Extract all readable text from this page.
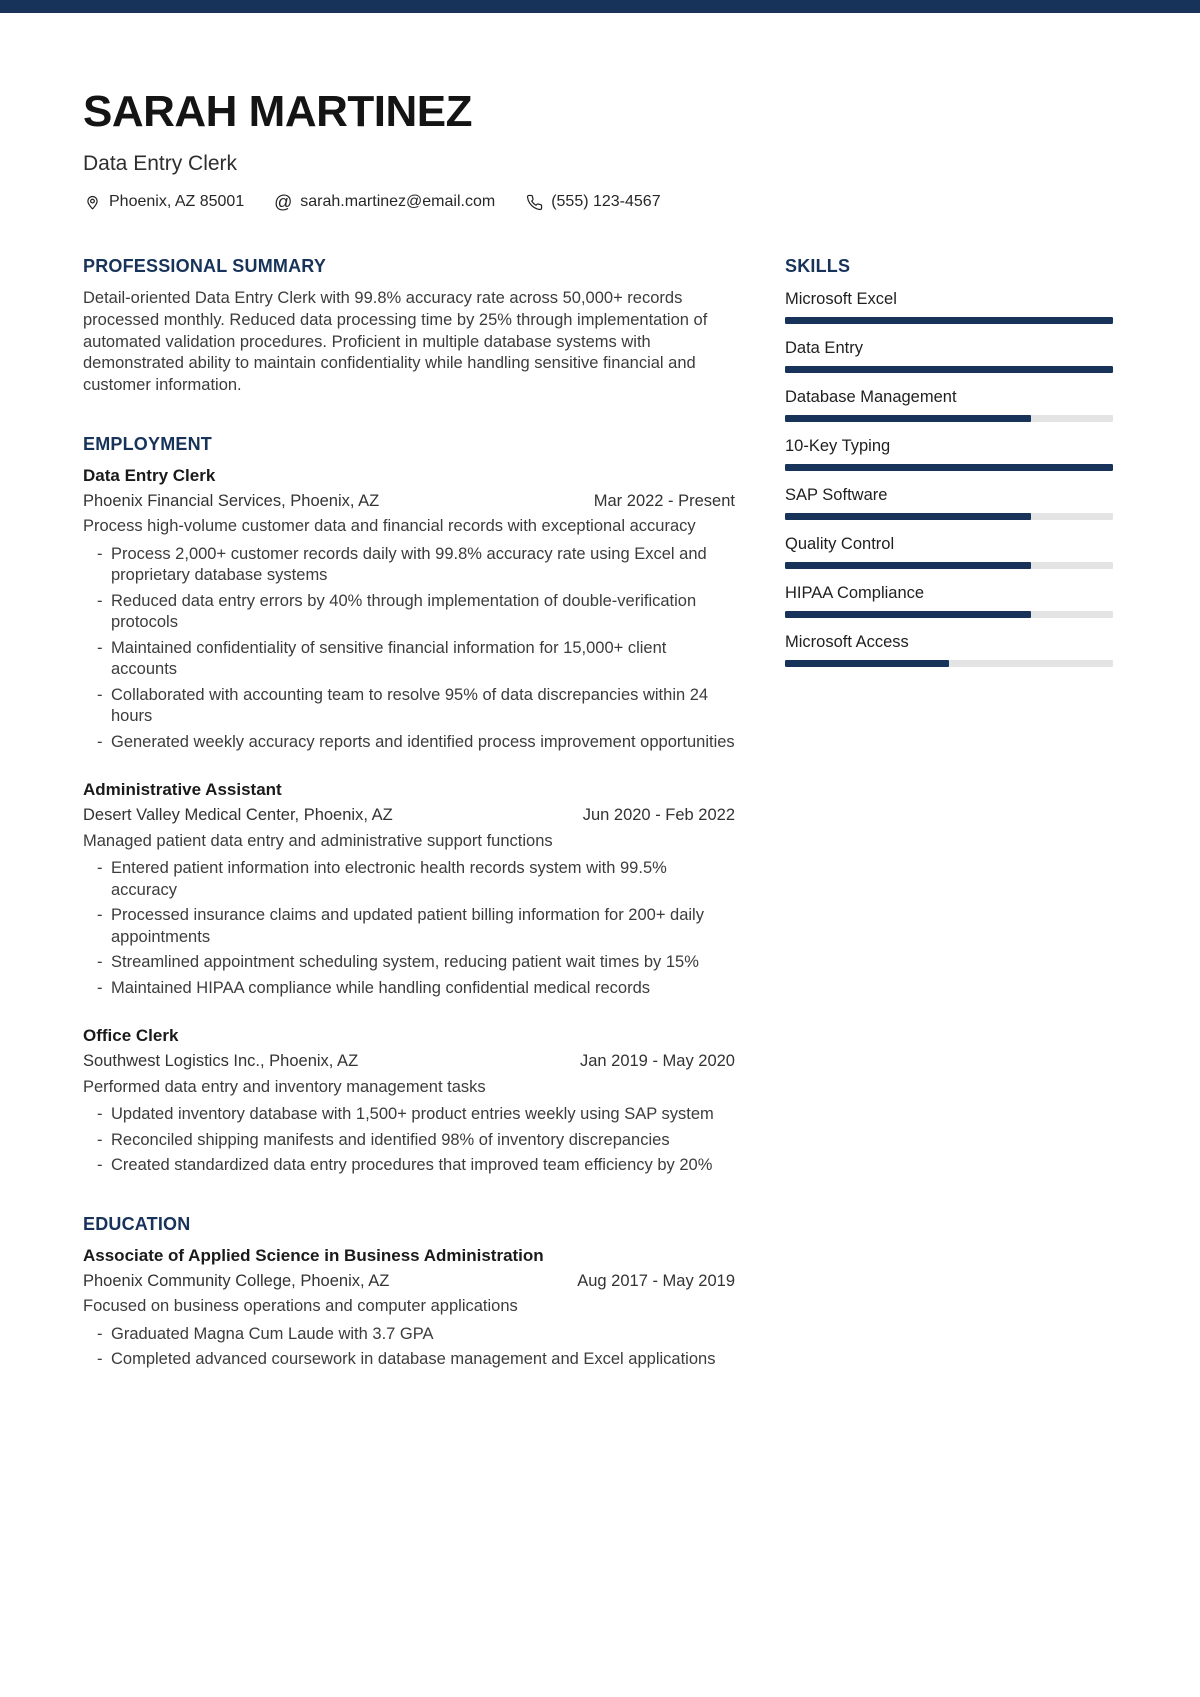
SARAH MARTINEZ
Data Entry Clerk
Phoenix, AZ 85001 @ sarah.martinez@email.com	(555) 123-4567
PROFESSIONAL SUMMARY

Detail-oriented Data Entry Clerk with 99.8% accuracy rate across 50,000+ records processed monthly. Reduced data processing time by 25% through implementation of automated validation procedures. Proficient in multiple database systems with demonstrated ability to maintain confidentiality while handling sensitive financial and customer information.

EMPLOYMENT
Data Entry Clerk
Phoenix Financial Services, Phoenix, AZ	Mar 2022 - Present
Process high-volume customer data and financial records with exceptional accuracy
- Process 2,000+ customer records daily with 99.8% accuracy rate using Excel and proprietary database systems
- Reduced data entry errors by 40% through implementation of double-verification protocols
- Maintained confidentiality of sensitive financial information for 15,000+ client accounts
- Collaborated with accounting team to resolve 95% of data discrepancies within 24 hours
- Generated weekly accuracy reports and identified process improvement opportunities
Administrative Assistant
Desert Valley Medical Center, Phoenix, AZ	Jun 2020 - Feb 2022
Managed patient data entry and administrative support functions
- Entered patient information into electronic health records system with 99.5% accuracy
- Processed insurance claims and updated patient billing information for 200+ daily appointments
- Streamlined appointment scheduling system, reducing patient wait times by 15%
- Maintained HIPAA compliance while handling confidential medical records
Office Clerk
Southwest Logistics Inc., Phoenix, AZ	Jan 2019 - May 2020
Performed data entry and inventory management tasks
- Updated inventory database with 1,500+ product entries weekly using SAP system
- Reconciled shipping manifests and identified 98% of inventory discrepancies
- Created standardized data entry procedures that improved team efficiency by 20%
EDUCATION
Associate of Applied Science in Business Administration
Phoenix Community College, Phoenix, AZ	Aug 2017 - May 2019
Focused on business operations and computer applications
- Graduated Magna Cum Laude with 3.7 GPA
- Completed advanced coursework in database management and Excel applications
SKILLS
Microsoft Excel
Data Entry
Database Management
10-Key Typing
SAP Software
Quality Control
HIPAA Compliance
Microsoft Access
